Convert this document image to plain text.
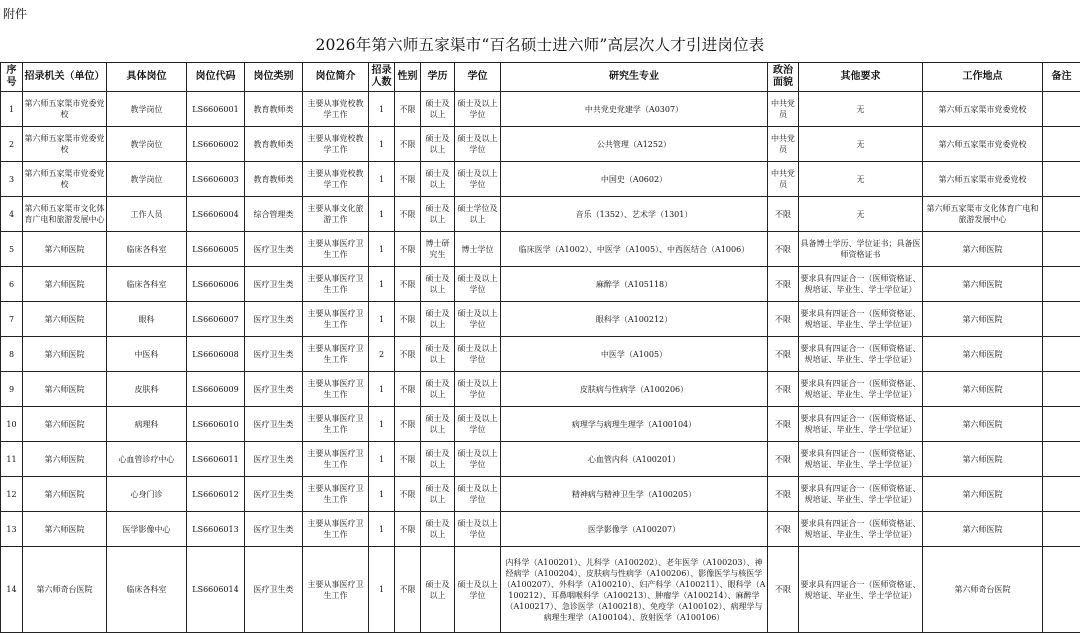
附件
2026年第六师五家渠市“百名硕士进六师”高层次人才引进岗位表
序号	招录机关（单位）	具体岗位	岗位代码	岗位类别	岗位简介	招录人数	性别	学历	学位	研究生专业	政治面貌	其他要求	工作地点	备注
1	第六师五家渠市党委党校	教学岗位	LS6606001	教育教师类	主要从事党校教学工作	1	不限	硕士及以上	硕士及以上学位	中共党史党建学（A0307）	中共党员	无	第六师五家渠市党委党校	
2	第六师五家渠市党委党校	教学岗位	LS6606002	教育教师类	主要从事党校教学工作	1	不限	硕士及以上	硕士及以上学位	公共管理（A1252）	中共党员	无	第六师五家渠市党委党校	
3	第六师五家渠市党委党校	教学岗位	LS6606003	教育教师类	主要从事党校教学工作	1	不限	硕士及以上	硕士及以上学位	中国史（A0602）	中共党员	无	第六师五家渠市党委党校	
4	第六师五家渠市文化体育广电和旅游发展中心	工作人员	LS6606004	综合管理类	主要从事文化旅游工作	1	不限	硕士及以上	硕士学位及以上	音乐（1352）、艺术学（1301）	不限	无	第六师五家渠市文化体育广电和旅游发展中心	
5	第六师医院	临床各科室	LS6606005	医疗卫生类	主要从事医疗卫生工作	1	不限	博士研究生	博士学位	临床医学（A1002）、中医学（A1005）、中西医结合（A1006）	不限	具备博士学历、学位证书；具备医师资格证书	第六师医院	
6	第六师医院	临床各科室	LS6606006	医疗卫生类	主要从事医疗卫生工作	1	不限	硕士及以上	硕士及以上学位	麻醉学（A105118）	不限	要求具有四证合一（医师资格证、规培证、毕业生、学士学位证）	第六师医院	
7	第六师医院	眼科	LS6606007	医疗卫生类	主要从事医疗卫生工作	1	不限	硕士及以上	硕士及以上学位	眼科学（A100212）	不限	要求具有四证合一（医师资格证、规培证、毕业生、学士学位证）	第六师医院	
8	第六师医院	中医科	LS6606008	医疗卫生类	主要从事医疗卫生工作	2	不限	硕士及以上	硕士及以上学位	中医学（A1005）	不限	要求具有四证合一（医师资格证、规培证、毕业生、学士学位证）	第六师医院	
9	第六师医院	皮肤科	LS6606009	医疗卫生类	主要从事医疗卫生工作	1	不限	硕士及以上	硕士及以上学位	皮肤病与性病学（A100206）	不限	要求具有四证合一（医师资格证、规培证、毕业生、学士学位证）	第六师医院	
10	第六师医院	病理科	LS6606010	医疗卫生类	主要从事医疗卫生工作	1	不限	硕士及以上	硕士及以上学位	病理学与病理生理学（A100104）	不限	要求具有四证合一（医师资格证、规培证、毕业生、学士学位证）	第六师医院	
11	第六师医院	心血管诊疗中心	LS6606011	医疗卫生类	主要从事医疗卫生工作	1	不限	硕士及以上	硕士及以上学位	心血管内科（A100201）	不限	要求具有四证合一（医师资格证、规培证、毕业生、学士学位证）	第六师医院	
12	第六师医院	心身门诊	LS6606012	医疗卫生类	主要从事医疗卫生工作	1	不限	硕士及以上	硕士及以上学位	精神病与精神卫生学（A100205）	不限	要求具有四证合一（医师资格证、规培证、毕业生、学士学位证）	第六师医院	
13	第六师医院	医学影像中心	LS6606013	医疗卫生类	主要从事医疗卫生工作	1	不限	硕士及以上	硕士及以上学位	医学影像学（A100207）	不限	要求具有四证合一（医师资格证、规培证、毕业生、学士学位证）	第六师医院	
14	第六师奇台医院	临床各科室	LS6606014	医疗卫生类	主要从事医疗卫生工作	1	不限	硕士及以上	硕士及以上学位	内科学（A100201）、儿科学（A100202）、老年医学（A100203）、神经病学（A100204）、皮肤病与性病学（A100206）、影像医学与核医学（A100207）、外科学（A100210）、妇产科学（A100211）、眼科学（A100212）、耳鼻咽喉科学（A100213）、肿瘤学（A100214）、麻醉学（A100217）、急诊医学（A100218）、免疫学（A100102）、病理学与病理生理学（A100104）、放射医学（A100106）	不限	要求具有四证合一（医师资格证、规培证、毕业生、学士学位证）	第六师奇台医院	
